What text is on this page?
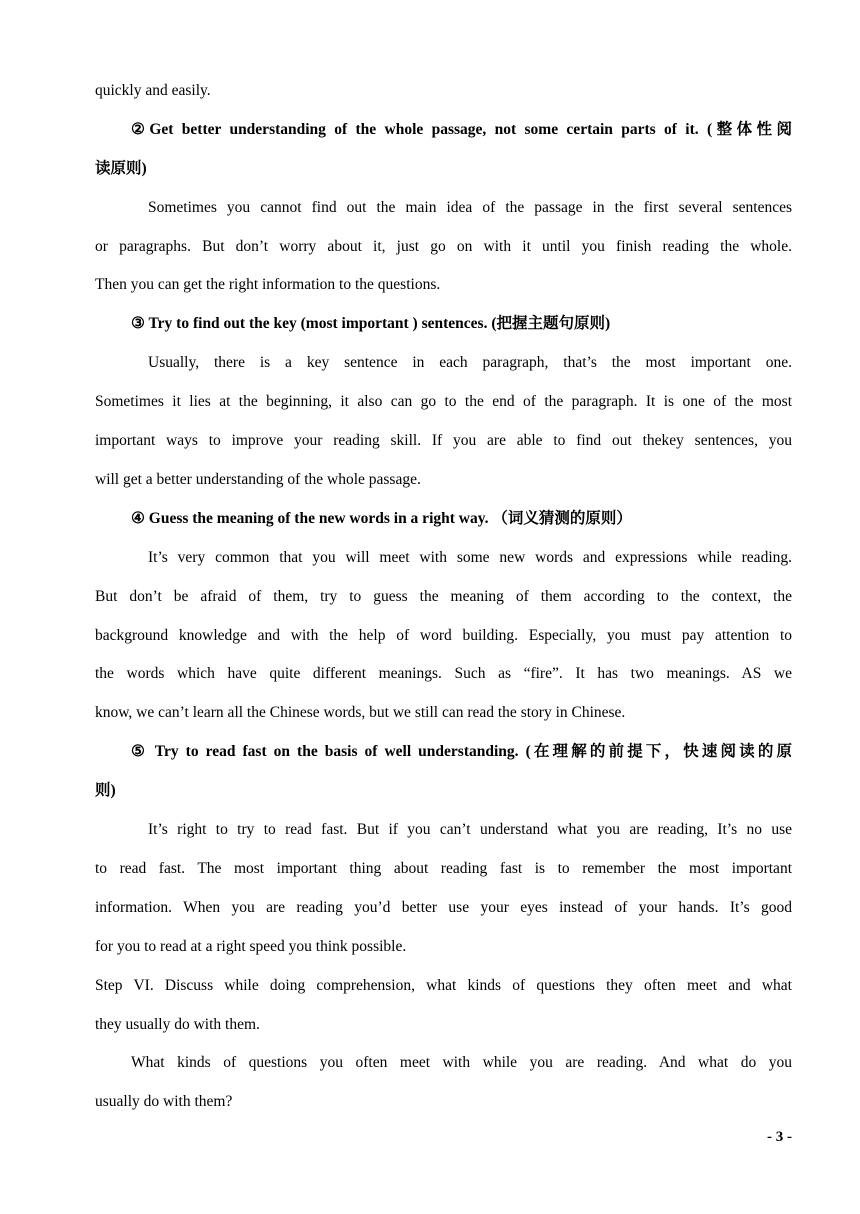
quickly and easily.
②Get better understanding of the whole passage, not some certain parts of it. (整体性阅
读原则)
Sometimes you cannot find out the main idea of the passage in the first several sentences
or paragraphs. But don’t worry about it, just go on with it until you finish reading the whole.
Then you can get the right information to the questions.
③ Try to find out the key (most important ) sentences. (把握主题句原则)
Usually, there is a key sentence in each paragraph, that’s the most important one.
Sometimes it lies at the beginning, it also can go to the end of the paragraph. It is one of the most
important ways to improve your reading skill. If you are able to find out thekey sentences, you
will get a better understanding of the whole passage.
④ Guess the meaning of the new words in a right way. （词义猜测的原则）
It’s very common that you will meet with some new words and expressions while reading.
But don’t be afraid of them, try to guess the meaning of them according to the context, the
background knowledge and with the help of word building. Especially, you must pay attention to
the words which have quite different meanings. Such as “fire”. It has two meanings. AS we
know, we can’t learn all the Chinese words, but we still can read the story in Chinese.
⑤ Try to read fast on the basis of well understanding. (在理解的前提下，快速阅读的原
则)
It’s right to try to read fast. But if you can’t understand what you are reading, It’s no use
to read fast. The most important thing about reading fast is to remember the most important
information. When you are reading you’d better use your eyes instead of your hands. It’s good
for you to read at a right speed you think possible.
Step VI. Discuss while doing comprehension, what kinds of questions they often meet and what
they usually do with them.
What kinds of questions you often meet with while you are reading. And what do you
usually do with them?
- 3 -
